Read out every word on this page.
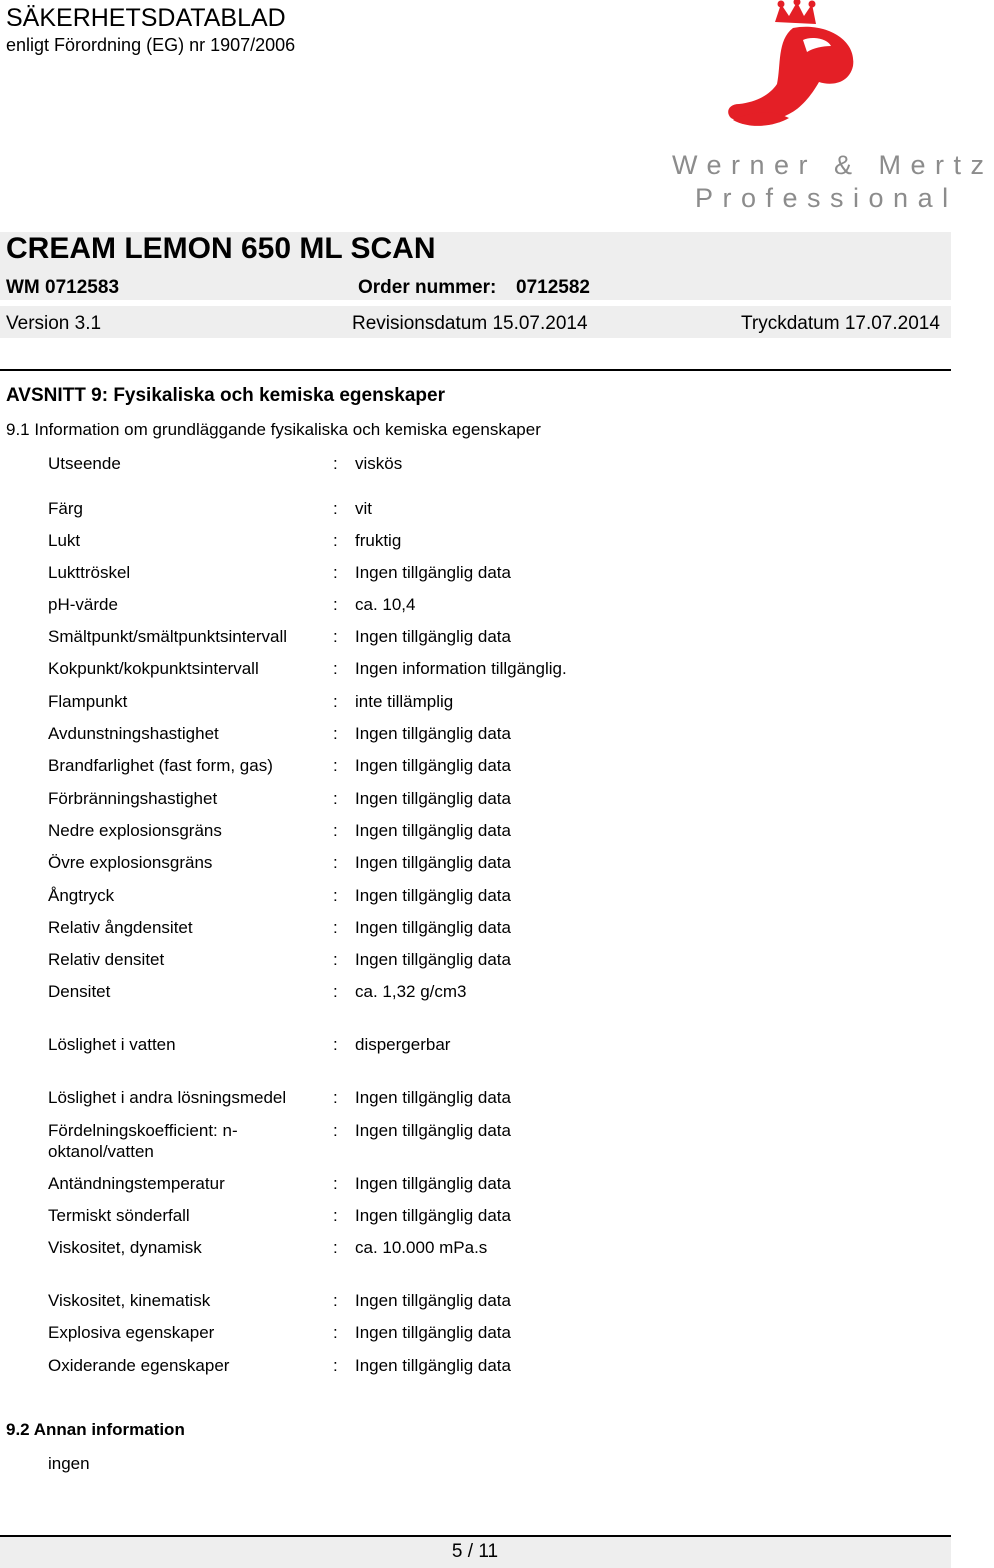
SÄKERHETSDATABLAD
enligt Förordning (EG) nr 1907/2006
Werner & Mertz
Professional
CREAM LEMON 650 ML SCAN
WM 0712583	Order nummer: 0712582
Version 3.1	Revisionsdatum 15.07.2014	Tryckdatum 17.07.2014
AVSNITT 9: Fysikaliska och kemiska egenskaper
9.1 Information om grundläggande fysikaliska och kemiska egenskaper
Utseende	: viskös
Färg	: vit
Lukt	: fruktig
Lukttröskel	: Ingen tillgänglig data
pH-värde	: ca. 10,4
Smältpunkt/smältpunktsintervall	: Ingen tillgänglig data
Kokpunkt/kokpunktsintervall	: Ingen information tillgänglig.
Flampunkt	: inte tillämplig
Avdunstningshastighet	: Ingen tillgänglig data
Brandfarlighet (fast form, gas)	: Ingen tillgänglig data
Förbränningshastighet	: Ingen tillgänglig data
Nedre explosionsgräns	: Ingen tillgänglig data
Övre explosionsgräns	: Ingen tillgänglig data
Ångtryck	: Ingen tillgänglig data
Relativ ångdensitet	: Ingen tillgänglig data
Relativ densitet	: Ingen tillgänglig data
Densitet	: ca. 1,32 g/cm3
Löslighet i vatten	: dispergerbar
Löslighet i andra lösningsmedel	: Ingen tillgänglig data
Fördelningskoefficient: n-oktanol/vatten
: Ingen tillgänglig data
Antändningstemperatur	: Ingen tillgänglig data
Termiskt sönderfall	: Ingen tillgänglig data
Viskositet, dynamisk	: ca. 10.000 mPa.s
Viskositet, kinematisk	: Ingen tillgänglig data
Explosiva egenskaper	: Ingen tillgänglig data
Oxiderande egenskaper	: Ingen tillgänglig data
9.2 Annan information
ingen
5 / 11
